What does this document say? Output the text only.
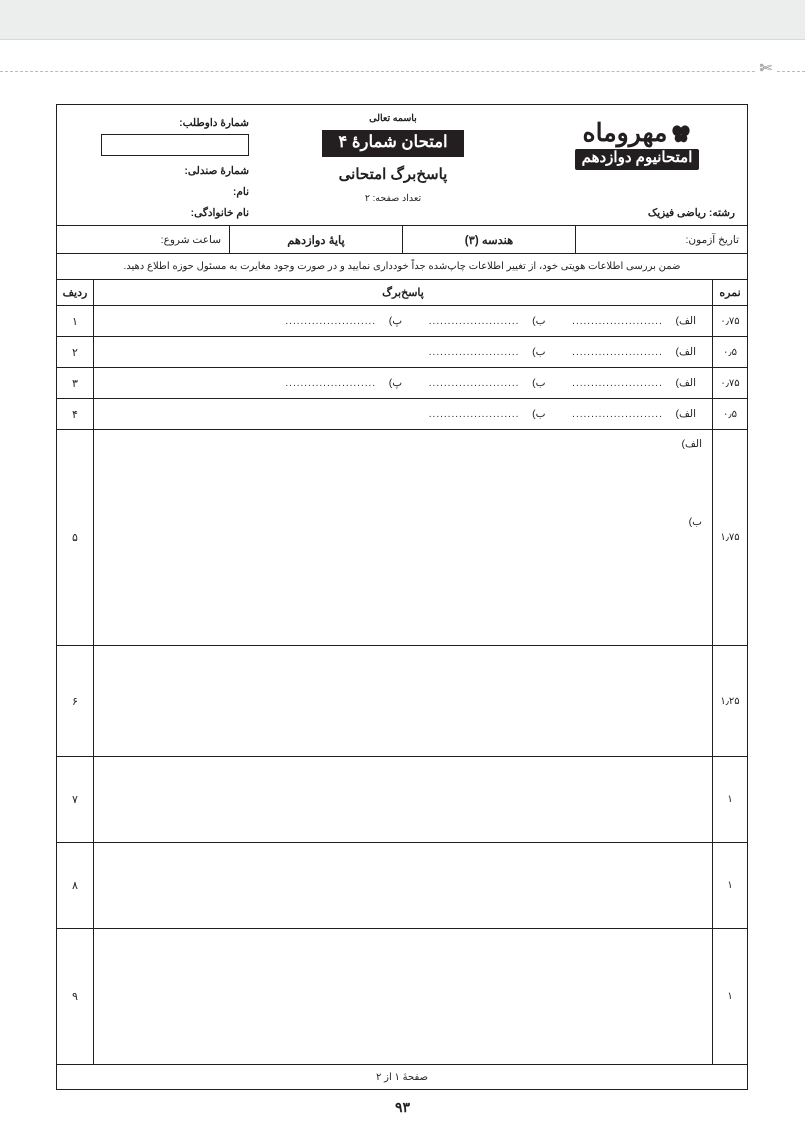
✄
مهروماه
امتحانیوم دوازدهم
رشته: ریاضی فیزیک
باسمه تعالی
امتحان شمارۀ ۴
پاسخ‌برگ امتحانی
تعداد صفحه: ۲
شمارۀ داوطلب:
شمارۀ صندلی:
نام:
نام خانوادگی:
تاریخ آزمون:
هندسه (۳)
پایۀ دوازدهم
ساعت شروع:
ضمن بررسی اطلاعات هویتی خود، از تغییر اطلاعات چاپ‌شده جداً خودداری نمایید و در صورت وجود مغایرت به مسئول حوزه اطلاع دهید.
نمره
پاسخ‌برگ
ردیف
۰٫۷۵
الف)
........................
ب)
........................
پ)
........................
۱
۰٫۵
الف)
........................
ب)
........................
۲
۰٫۷۵
الف)
........................
ب)
........................
پ)
........................
۳
۰٫۵
الف)
........................
ب)
........................
۴
۱٫۷۵
الف)
ب)
۵
۱٫۲۵
۶
۱
۷
۱
۸
۱
۹
صفحۀ ۱ از ۲
۹۳
